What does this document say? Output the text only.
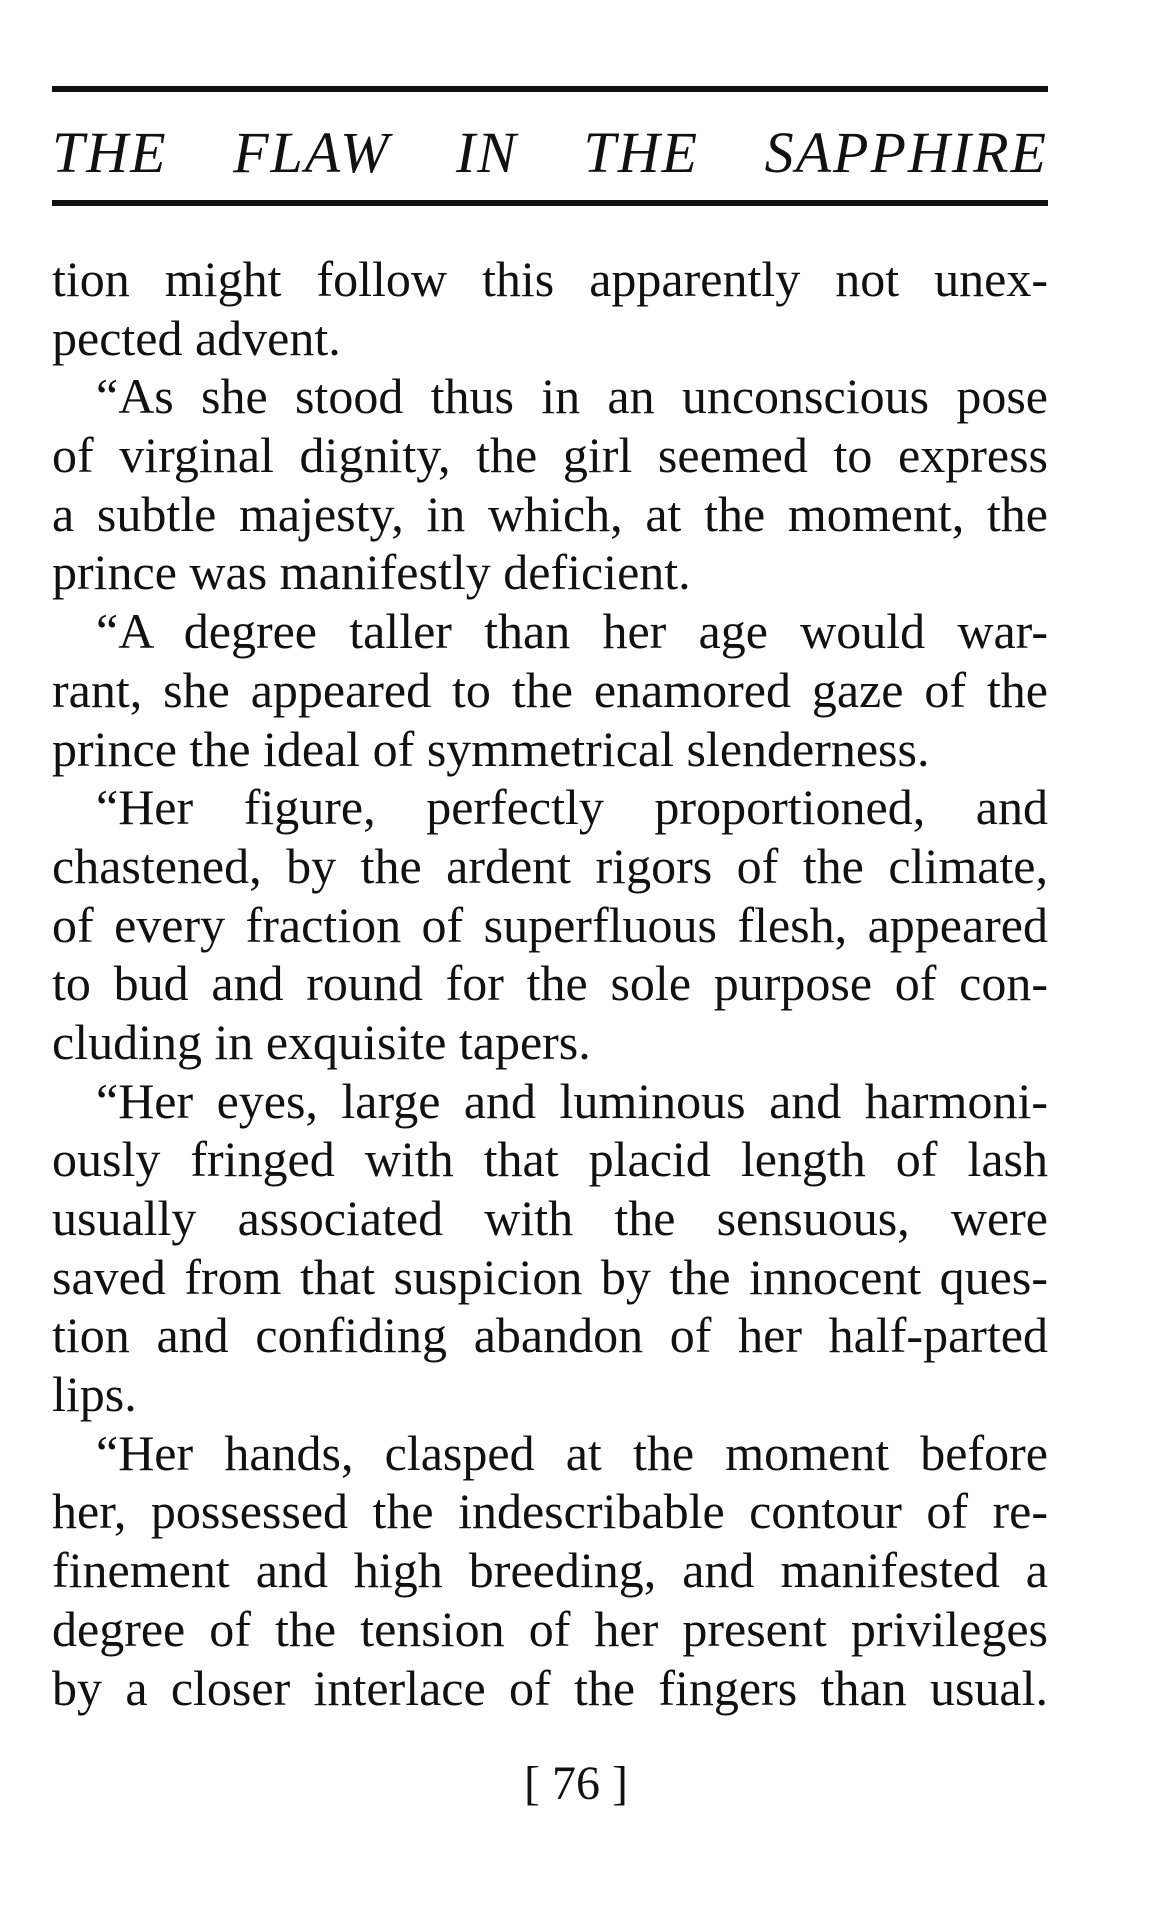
THE FLAW IN THE SAPPHIRE
tion might follow this apparently not unex-
pected advent.
“As she stood thus in an unconscious pose
of virginal dignity, the girl seemed to express
a subtle majesty, in which, at the moment, the
prince was manifestly deficient.
“A degree taller than her age would war-
rant, she appeared to the enamored gaze of the
prince the ideal of symmetrical slenderness.
“Her figure, perfectly proportioned, and
chastened, by the ardent rigors of the climate,
of every fraction of superfluous flesh, appeared
to bud and round for the sole purpose of con-
cluding in exquisite tapers.
“Her eyes, large and luminous and harmoni-
ously fringed with that placid length of lash
usually associated with the sensuous, were
saved from that suspicion by the innocent ques-
tion and confiding abandon of her half-parted
lips.
“Her hands, clasped at the moment before
her, possessed the indescribable contour of re-
finement and high breeding, and manifested a
degree of the tension of her present privileges
by a closer interlace of the fingers than usual.
[ 76 ]
